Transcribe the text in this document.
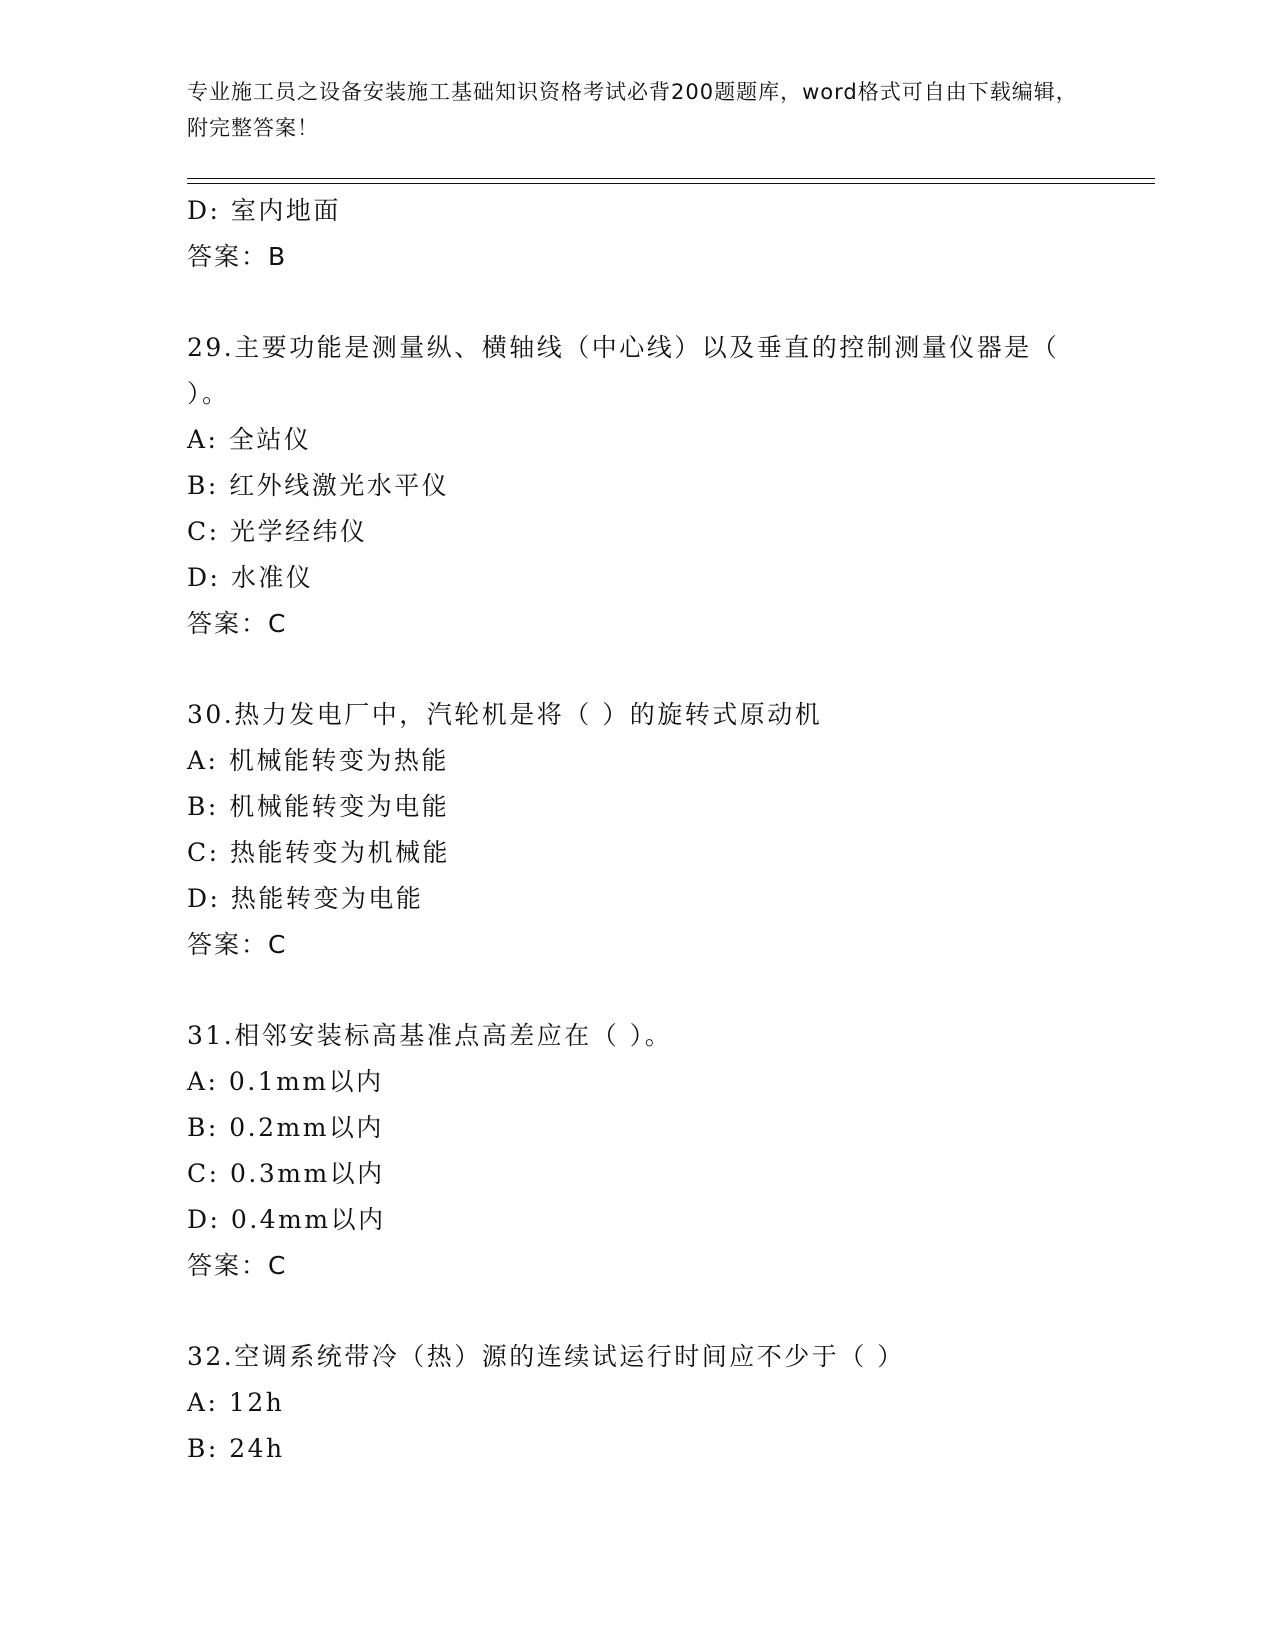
专业施工员之设备安装施工基础知识资格考试必背200题题库，word格式可自由下载编辑，附完整答案！
D: 室内地面
答案：B
29.主要功能是测量纵、横轴线（中心线）以及垂直的控制测量仪器是（ ）。
A: 全站仪
B: 红外线激光水平仪
C: 光学经纬仪
D: 水准仪
答案：C
30.热力发电厂中，汽轮机是将（ ）的旋转式原动机
A: 机械能转变为热能
B: 机械能转变为电能
C: 热能转变为机械能
D: 热能转变为电能
答案：C
31.相邻安装标高基准点高差应在（ ）。
A: 0.1mm以内
B: 0.2mm以内
C: 0.3mm以内
D: 0.4mm以内
答案：C
32.空调系统带冷（热）源的连续试运行时间应不少于（ ）
A: 12h
B: 24h
